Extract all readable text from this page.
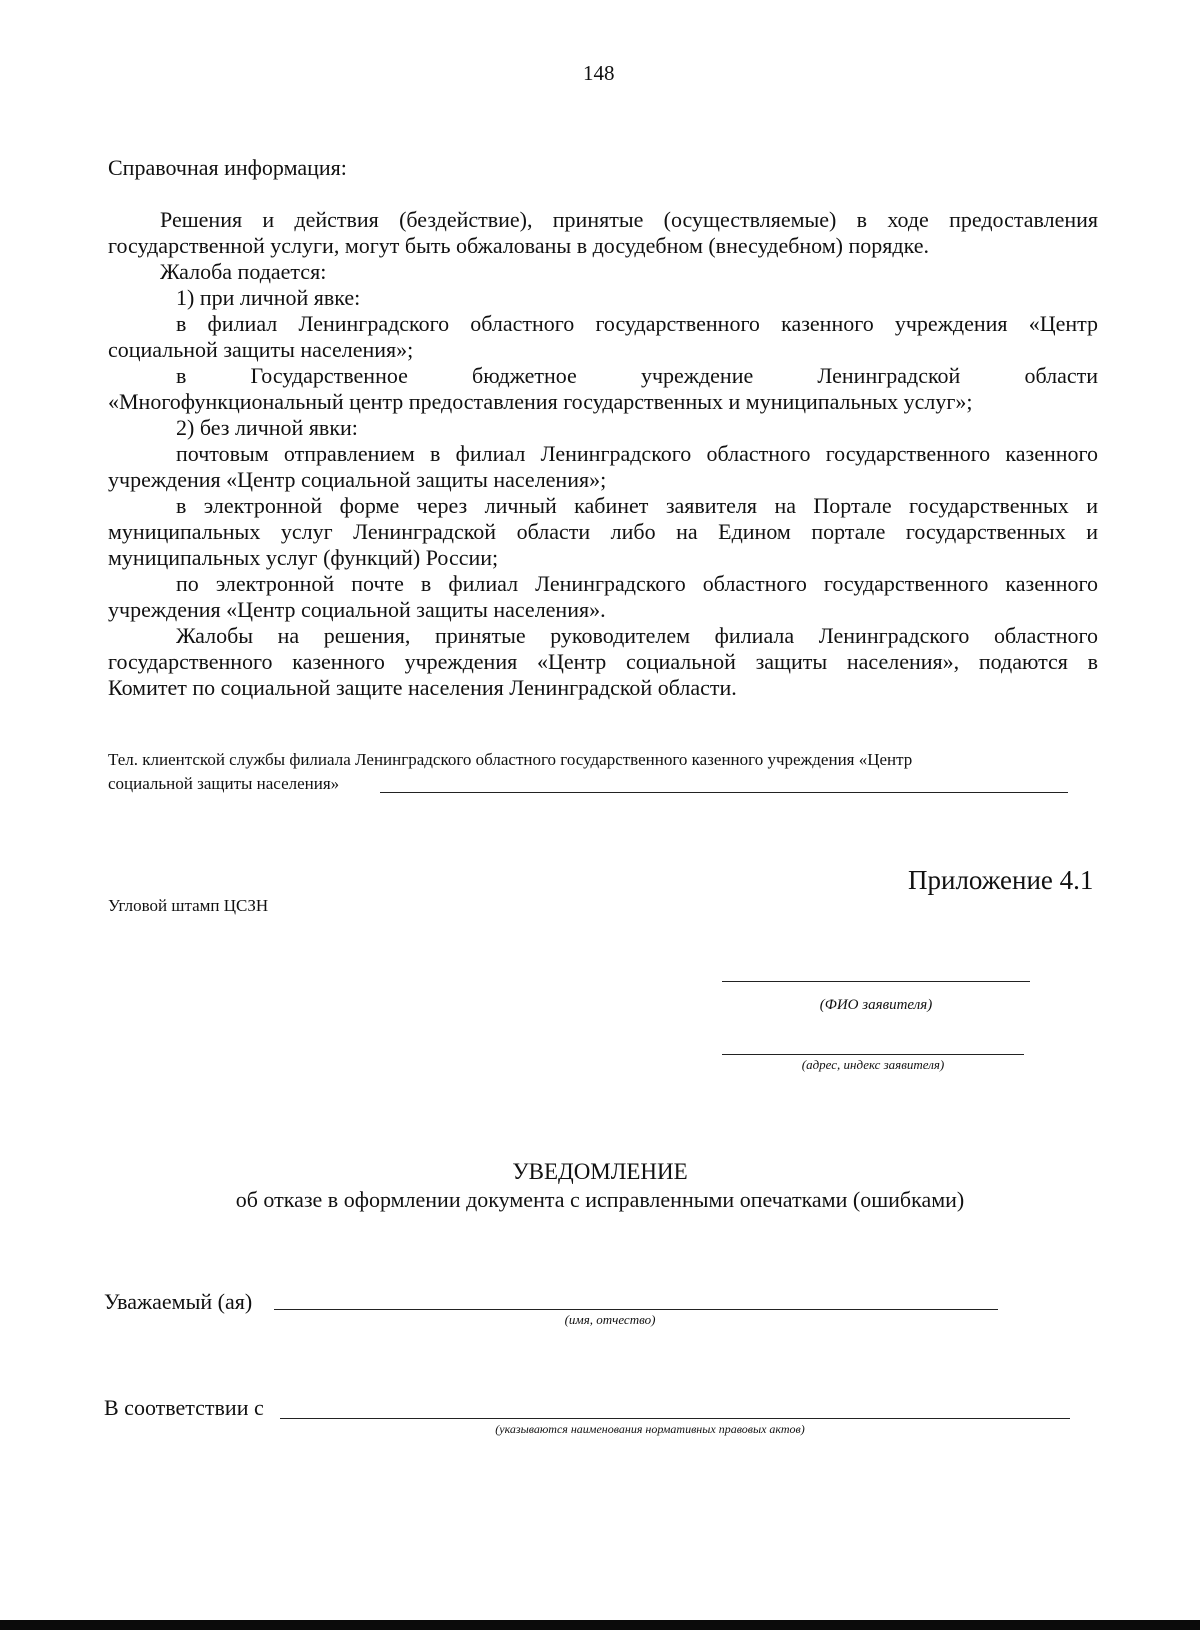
148
Справочная информация:
Решения и действия (бездействие), принятые (осуществляемые) в ходе предоставления
государственной услуги, могут быть обжалованы в досудебном (внесудебном) порядке.
Жалоба подается:
1) при личной явке:
в филиал Ленинградского областного государственного казенного учреждения «Центр
социальной защиты населения»;
в Государственное бюджетное учреждение Ленинградской области
«Многофункциональный центр предоставления государственных и муниципальных услуг»;
2) без личной явки:
почтовым отправлением в филиал Ленинградского областного государственного казенного
учреждения «Центр социальной защиты населения»;
в электронной форме через личный кабинет заявителя на Портале государственных и
муниципальных услуг Ленинградской области либо на Едином портале государственных и
муниципальных услуг (функций) России;
по электронной почте в филиал Ленинградского областного государственного казенного
учреждения «Центр социальной защиты населения».
Жалобы на решения, принятые руководителем филиала Ленинградского областного
государственного казенного учреждения «Центр социальной защиты населения», подаются в
Комитет по социальной защите населения Ленинградской области.
Тел. клиентской службы филиала Ленинградского областного государственного казенного учреждения «Центр
социальной защиты населения»
Приложение 4.1
Угловой штамп ЦСЗН
(ФИО заявителя)
(адрес, индекс заявителя)
УВЕДОМЛЕНИЕ
об отказе в оформлении документа с исправленными опечатками (ошибками)
Уважаемый (ая)
(имя, отчество)
В соответствии с
(указываются наименования нормативных правовых актов)
